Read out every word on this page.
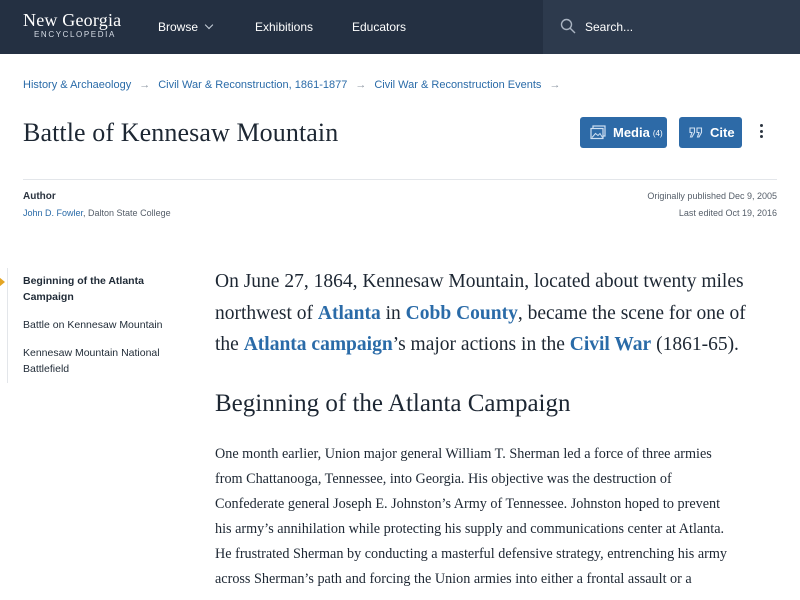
New Georgia
ENCYCLOPEDIA
Browse	Exhibitions	Educators
Search...
History & Archaeology → Civil War & Reconstruction, 1861-1877 → Civil War & Reconstruction Events →
Battle of Kennesaw Mountain	Media (4)	Cite
Author
John D. Fowler, Dalton State College
Originally published Dec 9, 2005
Last edited Oct 19, 2016
Beginning of the Atlanta Campaign
Battle on Kennesaw Mountain
Kennesaw Mountain National Battlefield

On June 27, 1864, Kennesaw Mountain, located about twenty miles northwest of Atlanta in Cobb County, became the scene for one of the Atlanta campaign’s major actions in the Civil War (1861-65).

Beginning of the Atlanta Campaign
One month earlier, Union major general William T. Sherman led a force of three armies
from Chattanooga, Tennessee, into Georgia. His objective was the destruction of
Confederate general Joseph E. Johnston’s Army of Tennessee. Johnston hoped to prevent
his army’s annihilation while protecting his supply and communications center at Atlanta.
He frustrated Sherman by conducting a masterful defensive strategy, entrenching his army
across Sherman’s path and forcing the Union armies into either a frontal assault or a
